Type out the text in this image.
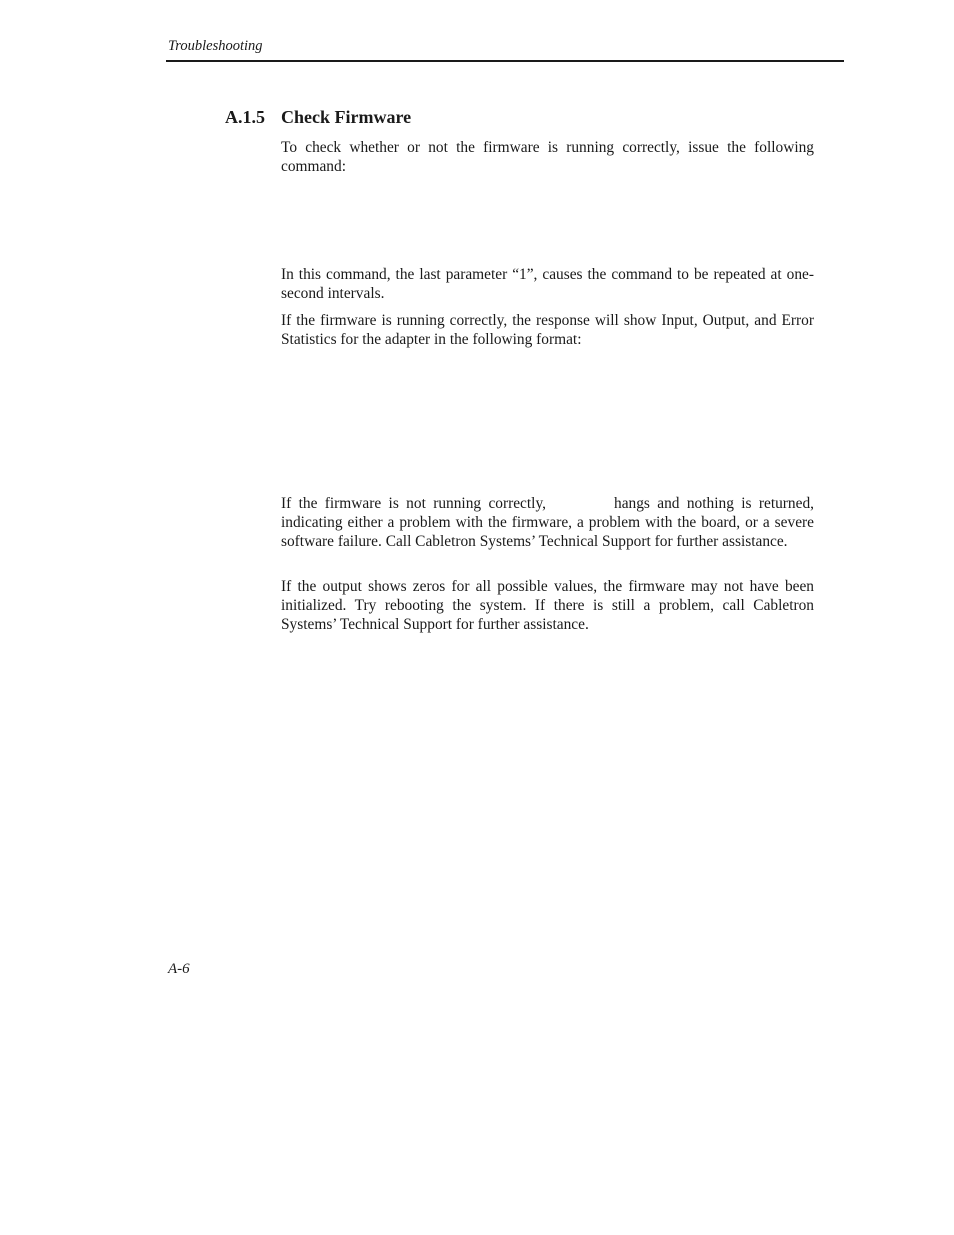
Troubleshooting
A.1.5 Check Firmware

To check whether or not the firmware is running correctly, issue the following command:

In this command, the last parameter “1”, causes the command to be repeated at one-second intervals.

If the firmware is running correctly, the response will show Input, Output, and Error Statistics for the adapter in the following format:

If the firmware is not running correctly,	hangs and nothing is returned, indicating either a problem with the firmware, a problem with the board, or a severe software failure. Call Cabletron Systems’ Technical Support for further assistance.

If the output shows zeros for all possible values, the firmware may not have been initialized. Try rebooting the system. If there is still a problem, call Cabletron Systems’ Technical Support for further assistance.

A-6
